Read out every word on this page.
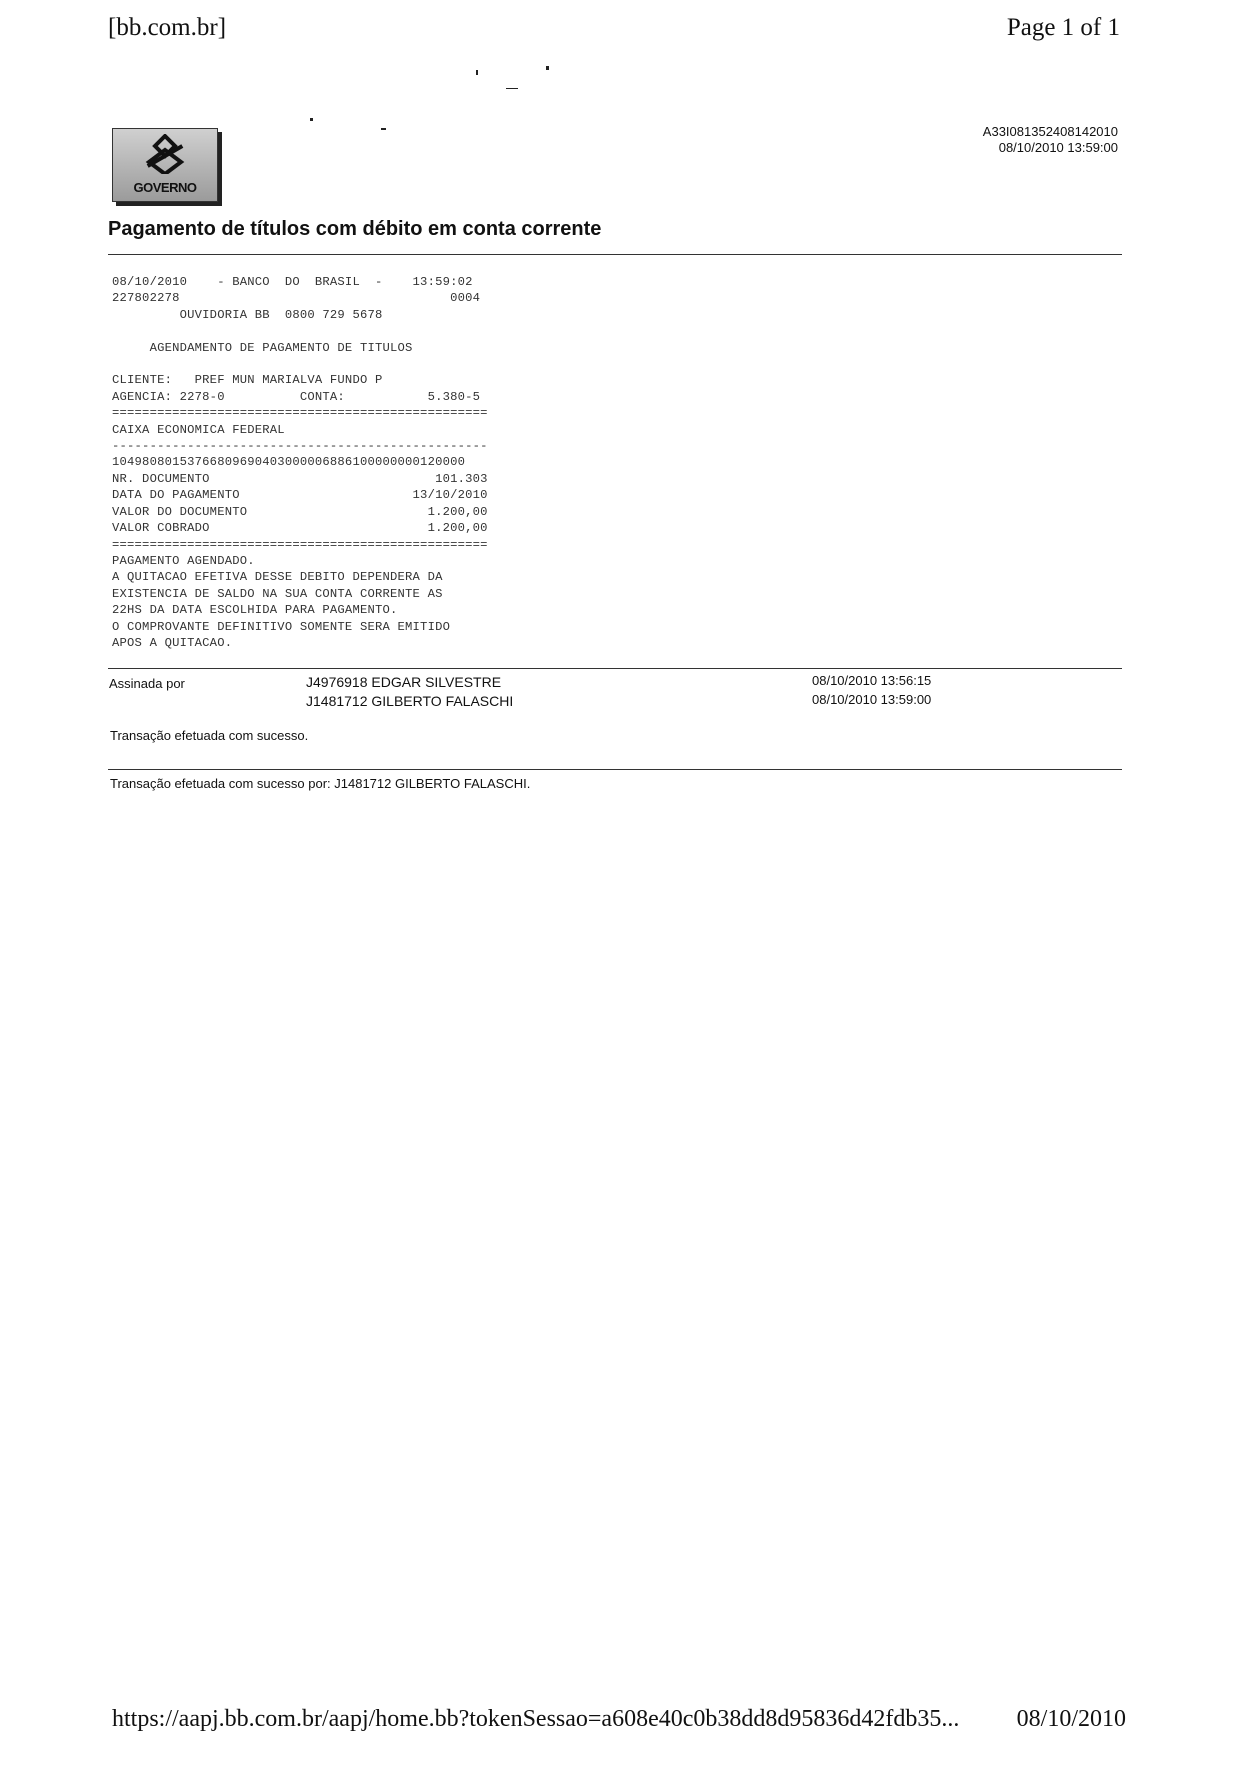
[bb.com.br]	Page 1 of 1
GOVERNO
A33I081352408142010
08/10/2010 13:59:00
Pagamento de títulos com débito em conta corrente
08/10/2010    - BANCO  DO  BRASIL  -    13:59:02
227802278                                    0004
OUVIDORIA BB  0800 729 5678

AGENDAMENTO DE PAGAMENTO DE TITULOS

CLIENTE:   PREF MUN MARIALVA FUNDO P
AGENCIA: 2278-0          CONTA:           5.380-5
==================================================
CAIXA ECONOMICA FEDERAL
--------------------------------------------------
10498080153766809690403000006886100000000120000
NR. DOCUMENTO                              101.303
DATA DO PAGAMENTO                       13/10/2010
VALOR DO DOCUMENTO                        1.200,00
VALOR COBRADO                             1.200,00
==================================================
PAGAMENTO AGENDADO.
A QUITACAO EFETIVA DESSE DEBITO DEPENDERA DA
EXISTENCIA DE SALDO NA SUA CONTA CORRENTE AS
22HS DA DATA ESCOLHIDA PARA PAGAMENTO.
O COMPROVANTE DEFINITIVO SOMENTE SERA EMITIDO
APOS A QUITACAO.
Assinada por	J4976918 EDGAR SILVESTRE
J1481712 GILBERTO FALASCHI
08/10/2010 13:56:15
08/10/2010 13:59:00
Transação efetuada com sucesso.
Transação efetuada com sucesso por: J1481712 GILBERTO FALASCHI.
https://aapj.bb.com.br/aapj/home.bb?tokenSessao=a608e40c0b38dd8d95836d42fdb35... 08/10/2010
